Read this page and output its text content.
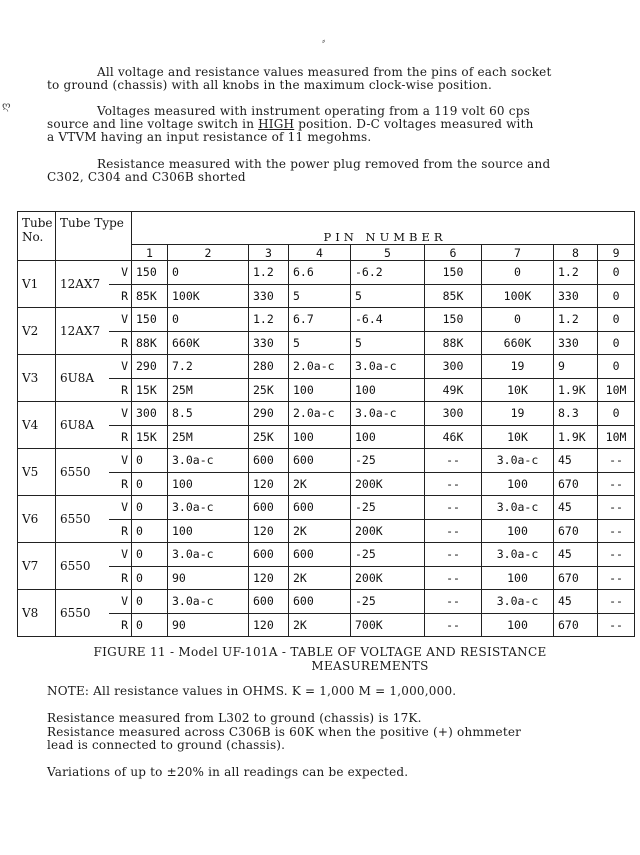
⸗
ღ
All voltage and resistance values measured from the pins of each socket
to ground (chassis) with all knobs in the maximum clock-wise position.
Voltages measured with instrument operating from a 119 volt 60 cps
source and line voltage switch in HIGH position. D-C voltages measured with
a VTVM having an input resistance of 11 megohms.
Resistance measured with the power plug removed from the source and
C302, C304 and C306B shorted
Tube No.	Tube Type		PIN NUMBER								
			1	2	3	4	5	6	7	8	9
V1	12AX7	V	150	0	1.2	6.6	-6.2	150	0	1.2	0
		R	85K	100K	330	5	5	85K	100K	330	0
V2	12AX7	V	150	0	1.2	6.7	-6.4	150	0	1.2	0
		R	88K	660K	330	5	5	88K	660K	330	0
V3	6U8A	V	290	7.2	280	2.0a-c	3.0a-c	300	19	9	0
		R	15K	25M	25K	100	100	49K	10K	1.9K	10M
V4	6U8A	V	300	8.5	290	2.0a-c	3.0a-c	300	19	8.3	0
		R	15K	25M	25K	100	100	46K	10K	1.9K	10M
V5	6550	V	0	3.0a-c	600	600	-25	--	3.0a-c	45	--
		R	0	100	120	2K	200K	--	100	670	--
V6	6550	V	0	3.0a-c	600	600	-25	--	3.0a-c	45	--
		R	0	100	120	2K	200K	--	100	670	--
V7	6550	V	0	3.0a-c	600	600	-25	--	3.0a-c	45	--
		R	0	90	120	2K	200K	--	100	670	--
V8	6550	V	0	3.0a-c	600	600	-25	--	3.0a-c	45	--
		R	0	90	120	2K	700K	--	100	670	--
FIGURE 11 - Model UF-101A - TABLE OF VOLTAGE AND RESISTANCE
MEASUREMENTS
NOTE: All resistance values in OHMS. K = 1,000 M = 1,000,000.
Resistance measured from L302 to ground (chassis) is 17K.
Resistance measured across C306B is 60K when the positive (+) ohmmeter
lead is connected to ground (chassis).
Variations of up to ±20% in all readings can be expected.
